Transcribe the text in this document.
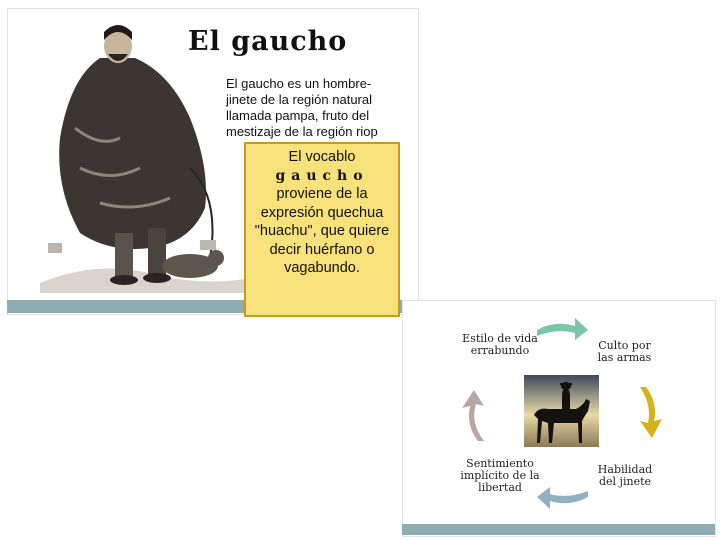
El gaucho
El gaucho es un hombre-jinete de la región natural llamada pampa, fruto del mestizaje de la región riop
El vocablo
gaucho
proviene de la expresión quechua "huachu", que quiere decir huérfano o vagabundo.
Estilo de vida errabundo	Culto por las armas
Sentimiento implícito de la libertad
Habilidad del jinete
